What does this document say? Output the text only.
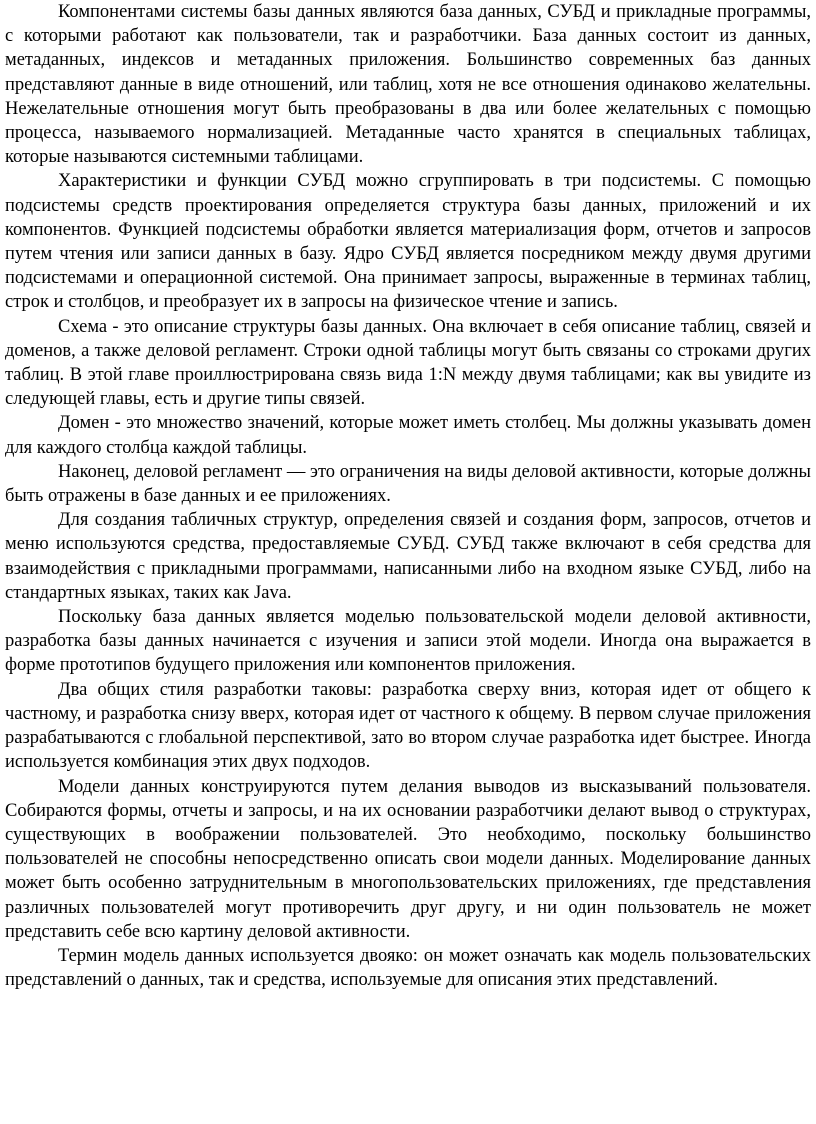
Компонентами системы базы данных являются база данных, СУБД и прикладные программы, с которыми работают как пользователи, так и разработчики. База данных состоит из данных, метаданных, индексов и метаданных приложения. Большинство современных баз данных представляют данные в виде отношений, или таблиц, хотя не все отношения одинаково желательны. Нежелательные отношения могут быть преобразованы в два или более желательных с помощью процесса, называемого нормализацией. Метаданные часто хранятся в специальных таблицах, которые называются системными таблицами.

Характеристики и функции СУБД можно сгруппировать в три подсистемы. С помощью подсистемы средств проектирования определяется структура базы данных, приложений и их компонентов. Функцией подсистемы обработки является материализация форм, отчетов и запросов путем чтения или записи данных в базу. Ядро СУБД является посредником между двумя другими подсистемами и операционной системой. Она принимает запросы, выраженные в терминах таблиц, строк и столбцов, и преобразует их в запросы на физическое чтение и запись.

Схема - это описание структуры базы данных. Она включает в себя описание таблиц, связей и доменов, а также деловой регламент. Строки одной таблицы могут быть связаны со строками других таблиц. В этой главе проиллюстрирована связь вида 1:N между двумя таблицами; как вы увидите из следующей главы, есть и другие типы связей.

Домен - это множество значений, которые может иметь столбец. Мы должны указывать домен для каждого столбца каждой таблицы.

Наконец, деловой регламент — это ограничения на виды деловой активности, которые должны быть отражены в базе данных и ее приложениях.

Для создания табличных структур, определения связей и создания форм, запросов, отчетов и меню используются средства, предоставляемые СУБД. СУБД также включают в себя средства для взаимодействия с прикладными программами, написанными либо на входном языке СУБД, либо на стандартных языках, таких как Java.

Поскольку база данных является моделью пользовательской модели деловой активности, разработка базы данных начинается с изучения и записи этой модели. Иногда она выражается в форме прототипов будущего приложения или компонентов приложения.

Два общих стиля разработки таковы: разработка сверху вниз, которая идет от общего к частному, и разработка снизу вверх, которая идет от частного к общему. В первом случае приложения разрабатываются с глобальной перспективой, зато во втором случае разработка идет быстрее. Иногда используется комбинация этих двух подходов.

Модели данных конструируются путем делания выводов из высказываний пользователя. Собираются формы, отчеты и запросы, и на их основании разработчики делают вывод о структурах, существующих в воображении пользователей. Это необходимо, поскольку большинство пользователей не способны непосредственно описать свои модели данных. Моделирование данных может быть особенно затруднительным в многопользовательских приложениях, где представления различных пользователей могут противоречить друг другу, и ни один пользователь не может представить себе всю картину деловой активности.

Термин модель данных используется двояко: он может означать как модель пользовательских представлений о данных, так и средства, используемые для описания этих представлений.
